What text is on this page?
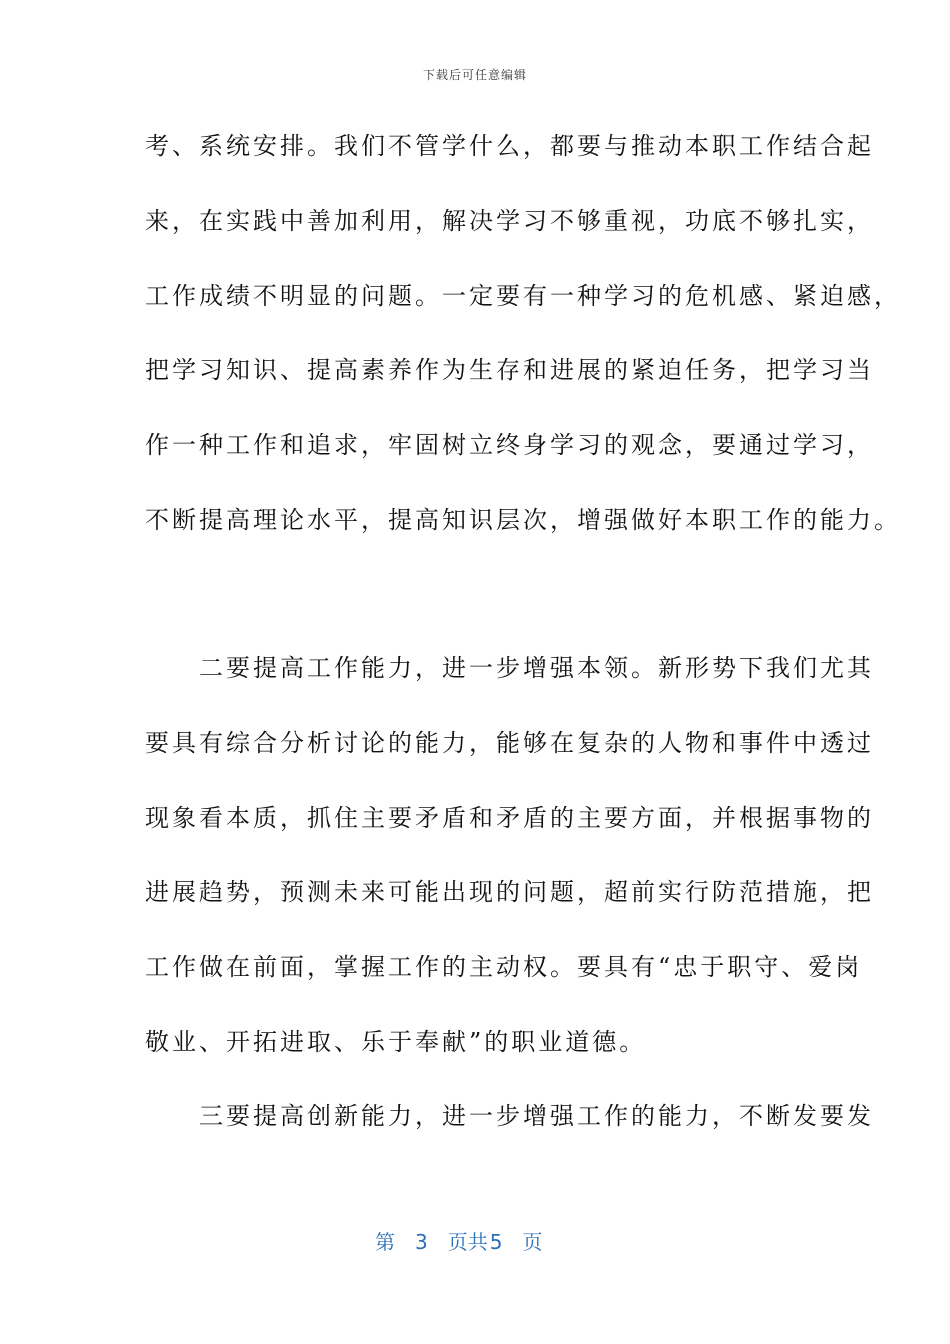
下载后可任意编辑
考、系统安排。我们不管学什么，都要与推动本职工作结合起
来，在实践中善加利用，解决学习不够重视，功底不够扎实，
工作成绩不明显的问题。一定要有一种学习的危机感、紧迫感，
把学习知识、提高素养作为生存和进展的紧迫任务，把学习当
作一种工作和追求，牢固树立终身学习的观念，要通过学习，
不断提高理论水平，提高知识层次，增强做好本职工作的能力。
　　二要提高工作能力，进一步增强本领。新形势下我们尤其
要具有综合分析讨论的能力，能够在复杂的人物和事件中透过
现象看本质，抓住主要矛盾和矛盾的主要方面，并根据事物的
进展趋势，预测未来可能出现的问题，超前实行防范措施，把
工作做在前面，掌握工作的主动权。要具有“忠于职守、爱岗
敬业、开拓进取、乐于奉献”的职业道德。
　　三要提高创新能力，进一步增强工作的能力，不断发要发
第 3 页共 5 页
